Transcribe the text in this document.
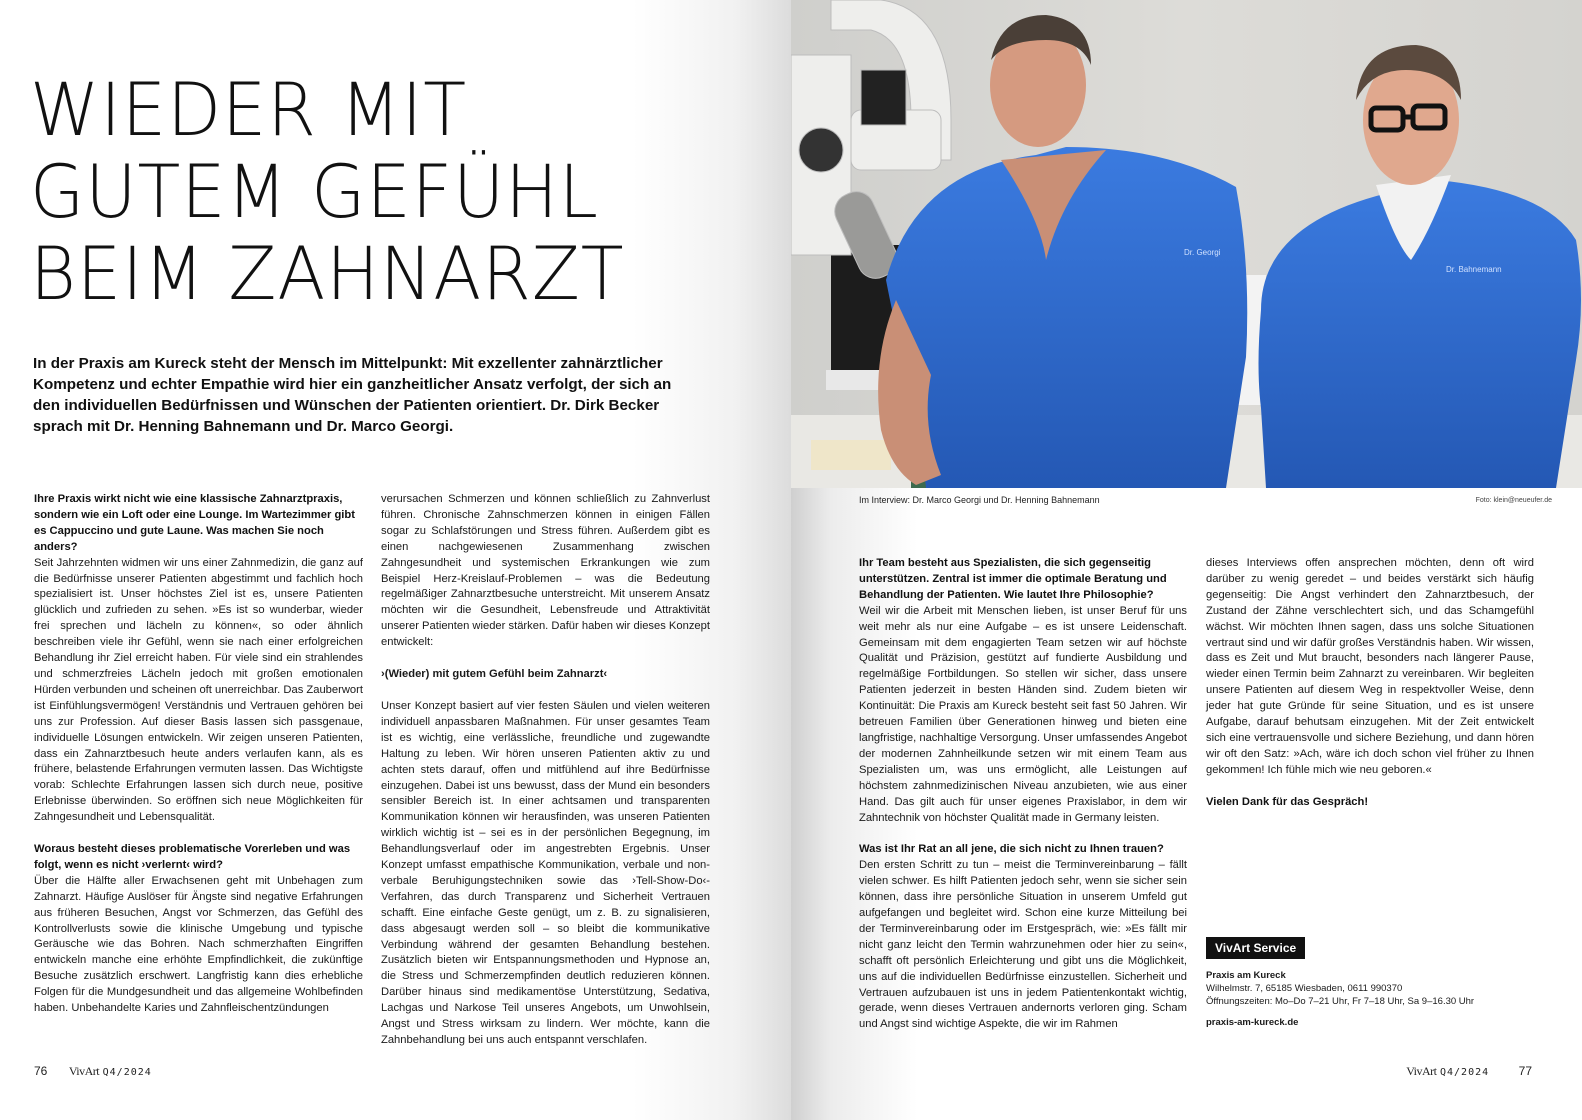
WIEDER MIT
GUTEM GEFÜHL
BEIM ZAHNARZT

In der Praxis am Kureck steht der Mensch im Mittelpunkt: Mit exzellenter zahnärztlicher Kompetenz und echter Empathie wird hier ein ganzheitlicher Ansatz verfolgt, der sich an den individuellen Bedürfnissen und Wünschen der Patienten orientiert. Dr. Dirk Becker sprach mit Dr. Henning Bahnemann und Dr. Marco Georgi.

Ihre Praxis wirkt nicht wie eine klassische Zahnarztpraxis, sondern wie ein Loft oder eine Lounge. Im Wartezimmer gibt es Cappuccino und gute Laune. Was machen Sie noch anders?

Seit Jahrzehnten widmen wir uns einer Zahnmedizin, die ganz auf die Bedürfnisse unserer Patienten abgestimmt und fachlich hoch spezialisiert ist. Unser höchstes Ziel ist es, unsere Patienten glücklich und zufrieden zu sehen. »Es ist so wunderbar, wieder frei sprechen und lächeln zu können«, so oder ähnlich beschreiben viele ihr Gefühl, wenn sie nach einer erfolgreichen Behandlung ihr Ziel erreicht haben. Für viele sind ein strahlendes und schmerzfreies Lächeln jedoch mit großen emotionalen Hürden verbunden und scheinen oft unerreichbar. Das Zauberwort ist Einfühlungsvermögen! Verständnis und Vertrauen gehören bei uns zur Profession. Auf dieser Basis lassen sich passgenaue, individuelle Lösungen entwickeln. Wir zeigen unseren Patienten, dass ein Zahnarztbesuch heute anders verlaufen kann, als es frühere, belastende Erfahrungen vermuten lassen. Das Wichtigste vorab: Schlechte Erfahrungen lassen sich durch neue, positive Erlebnisse überwinden. So eröffnen sich neue Möglichkeiten für Zahngesundheit und Lebensqualität.

Woraus besteht dieses problematische Vorerleben und was folgt, wenn es nicht ›verlernt‹ wird?

Über die Hälfte aller Erwachsenen geht mit Unbehagen zum Zahnarzt. Häufige Auslöser für Ängste sind negative Erfahrungen aus früheren Besuchen, Angst vor Schmerzen, das Gefühl des Kontrollverlusts sowie die klinische Umgebung und typische Geräusche wie das Bohren. Nach schmerzhaften Eingriffen entwickeln manche eine erhöhte Empfindlichkeit, die zukünftige Besuche zusätzlich erschwert. Langfristig kann dies erhebliche Folgen für die Mundgesundheit und das allgemeine Wohlbefinden haben. Unbehandelte Karies und Zahnfleischentzündungen

verursachen Schmerzen und können schließlich zu Zahnverlust führen. Chronische Zahnschmerzen können in einigen Fällen sogar zu Schlafstörungen und Stress führen. Außerdem gibt es einen nachgewiesenen Zusammenhang zwischen Zahngesundheit und systemischen Erkrankungen wie zum Beispiel Herz-Kreislauf-Problemen – was die Bedeutung regelmäßiger Zahnarztbesuche unterstreicht. Mit unserem Ansatz möchten wir die Gesundheit, Lebensfreude und Attraktivität unserer Patienten wieder stärken. Dafür haben wir dieses Konzept entwickelt:

›(Wieder) mit gutem Gefühl beim Zahnarzt‹

Unser Konzept basiert auf vier festen Säulen und vielen weiteren individuell anpassbaren Maßnahmen. Für unser gesamtes Team ist es wichtig, eine verlässliche, freundliche und zugewandte Haltung zu leben. Wir hören unseren Patienten aktiv zu und achten stets darauf, offen und mitfühlend auf ihre Bedürfnisse einzugehen. Dabei ist uns bewusst, dass der Mund ein besonders sensibler Bereich ist. In einer achtsamen und transparenten Kommunikation können wir herausfinden, was unseren Patienten wirklich wichtig ist – sei es in der persönlichen Begegnung, im Behandlungsverlauf oder im angestrebten Ergebnis. Unser Konzept umfasst empathische Kommunikation, verbale und non-verbale Beruhigungstechniken sowie das ›Tell-Show-Do‹-Verfahren, das durch Transparenz und Sicherheit Vertrauen schafft. Eine einfache Geste genügt, um z. B. zu signalisieren, dass abgesaugt werden soll – so bleibt die kommunikative Verbindung während der gesamten Behandlung bestehen. Zusätzlich bieten wir Entspannungsmethoden und Hypnose an, die Stress und Schmerzempfinden deutlich reduzieren können. Darüber hinaus sind medikamentöse Unterstützung, Sedativa, Lachgas und Narkose Teil unseres Angebots, um Unwohlsein, Angst und Stress wirksam zu lindern. Wer möchte, kann die Zahnbehandlung bei uns auch entspannt verschlafen.

76 VivArt Q4/2024
Dr. Georgi
Dr. Bahnemann
Im Interview: Dr. Marco Georgi und Dr. Henning Bahnemann	Foto: klein@neueufer.de

Ihr Team besteht aus Spezialisten, die sich gegenseitig unterstützen. Zentral ist immer die optimale Beratung und Behandlung der Patienten. Wie lautet Ihre Philosophie?

Weil wir die Arbeit mit Menschen lieben, ist unser Beruf für uns weit mehr als nur eine Aufgabe – es ist unsere Leidenschaft. Gemeinsam mit dem engagierten Team setzen wir auf höchste Qualität und Präzision, gestützt auf fundierte Ausbildung und regelmäßige Fortbildungen. So stellen wir sicher, dass unsere Patienten jederzeit in besten Händen sind. Zudem bieten wir Kontinuität: Die Praxis am Kureck besteht seit fast 50 Jahren. Wir betreuen Familien über Generationen hinweg und bieten eine langfristige, nachhaltige Versorgung. Unser umfassendes Angebot der modernen Zahnheilkunde setzen wir mit einem Team aus Spezialisten um, was uns ermöglicht, alle Leistungen auf höchstem zahnmedizinischen Niveau anzubieten, wie aus einer Hand. Das gilt auch für unser eigenes Praxislabor, in dem wir Zahntechnik von höchster Qualität made in Germany leisten.

Was ist Ihr Rat an all jene, die sich nicht zu Ihnen trauen?

Den ersten Schritt zu tun – meist die Terminvereinbarung – fällt vielen schwer. Es hilft Patienten jedoch sehr, wenn sie sicher sein können, dass ihre persönliche Situation in unserem Umfeld gut aufgefangen und begleitet wird. Schon eine kurze Mitteilung bei der Terminvereinbarung oder im Erstgespräch, wie: »Es fällt mir nicht ganz leicht den Termin wahrzunehmen oder hier zu sein«, schafft oft persönlich Erleichterung und gibt uns die Möglichkeit, uns auf die individuellen Bedürfnisse einzustellen. Sicherheit und Vertrauen aufzubauen ist uns in jedem Patientenkontakt wichtig, gerade, wenn dieses Vertrauen andernorts verloren ging. Scham und Angst sind wichtige Aspekte, die wir im Rahmen

dieses Interviews offen ansprechen möchten, denn oft wird darüber zu wenig geredet – und beides verstärkt sich häufig gegenseitig: Die Angst verhindert den Zahnarztbesuch, der Zustand der Zähne verschlechtert sich, und das Schamgefühl wächst. Wir möchten Ihnen sagen, dass uns solche Situationen vertraut sind und wir dafür großes Verständnis haben. Wir wissen, dass es Zeit und Mut braucht, besonders nach längerer Pause, wieder einen Termin beim Zahnarzt zu vereinbaren. Wir begleiten unsere Patienten auf diesem Weg in respektvoller Weise, denn jeder hat gute Gründe für seine Situation, und es ist unsere Aufgabe, darauf behutsam einzugehen. Mit der Zeit entwickelt sich eine vertrauensvolle und sichere Beziehung, und dann hören wir oft den Satz: »Ach, wäre ich doch schon viel früher zu Ihnen gekommen! Ich fühle mich wie neu geboren.«

Vielen Dank für das Gespräch!

VivArt Service
Praxis am Kureck
Wilhelmstr. 7, 65185 Wiesbaden, 0611 990370
Öffnungszeiten: Mo–Do 7–21 Uhr, Fr 7–18 Uhr, Sa 9–16.30 Uhr
praxis-am-kureck.de
VivArt Q4/2024 77
